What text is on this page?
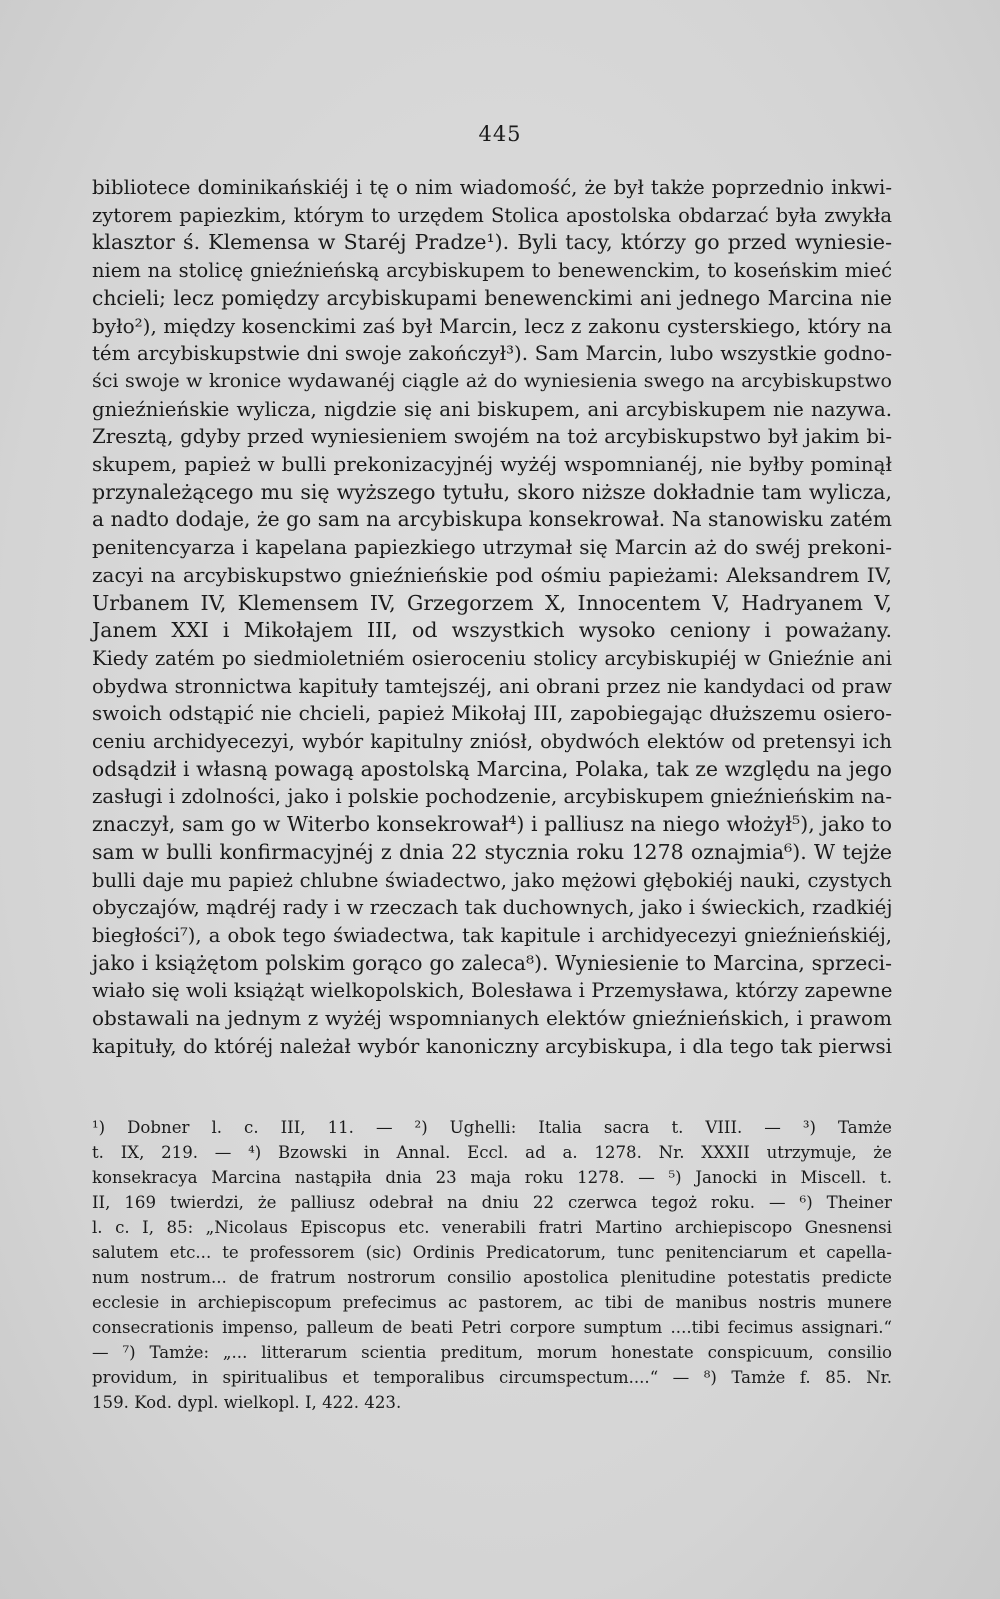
445
bibliotece dominikańskiéj i tę o nim wiadomość, że był także poprzednio inkwi-
zytorem papiezkim, którym to urzędem Stolica apostolska obdarzać była zwykła
klasztor ś. Klemensa w Staréj Pradze¹). Byli tacy, którzy go przed wyniesie-
niem na stolicę gnieźnieńską arcybiskupem to benewenckim, to koseńskim mieć
chcieli; lecz pomiędzy arcybiskupami benewenckimi ani jednego Marcina nie
było²), między kosenckimi zaś był Marcin, lecz z zakonu cysterskiego, który na
tém arcybiskupstwie dni swoje zakończył³). Sam Marcin, lubo wszystkie godno-
ści swoje w kronice wydawanéj ciągle aż do wyniesienia swego na arcybiskupstwo
gnieźnieńskie wylicza, nigdzie się ani biskupem, ani arcybiskupem nie nazywa.
Zresztą, gdyby przed wyniesieniem swojém na toż arcybiskupstwo był jakim bi-
skupem, papież w bulli prekonizacyjnéj wyżéj wspomnianéj, nie byłby pominął
przynależącego mu się wyższego tytułu, skoro niższe dokładnie tam wylicza,
a nadto dodaje, że go sam na arcybiskupa konsekrował. Na stanowisku zatém
penitencyarza i kapelana papiezkiego utrzymał się Marcin aż do swéj prekoni-
zacyi na arcybiskupstwo gnieźnieńskie pod ośmiu papieżami: Aleksandrem IV,
Urbanem IV, Klemensem IV, Grzegorzem X, Innocentem V, Hadryanem V,
Janem XXI i Mikołajem III, od wszystkich wysoko ceniony i poważany.
Kiedy zatém po siedmioletniém osieroceniu stolicy arcybiskupiéj w Gnieźnie ani
obydwa stronnictwa kapituły tamtejszéj, ani obrani przez nie kandydaci od praw
swoich odstąpić nie chcieli, papież Mikołaj III, zapobiegając dłuższemu osiero-
ceniu archidyecezyi, wybór kapitulny zniósł, obydwóch elektów od pretensyi ich
odsądził i własną powagą apostolską Marcina, Polaka, tak ze względu na jego
zasługi i zdolności, jako i polskie pochodzenie, arcybiskupem gnieźnieńskim na-
znaczył, sam go w Witerbo konsekrował⁴) i palliusz na niego włożył⁵), jako to
sam w bulli konfirmacyjnéj z dnia 22 stycznia roku 1278 oznajmia⁶). W tejże
bulli daje mu papież chlubne świadectwo, jako mężowi głębokiéj nauki, czystych
obyczajów, mądréj rady i w rzeczach tak duchownych, jako i świeckich, rzadkiéj
biegłości⁷), a obok tego świadectwa, tak kapitule i archidyecezyi gnieźnieńskiéj,
jako i książętom polskim gorąco go zaleca⁸). Wyniesienie to Marcina, sprzeci-
wiało się woli książąt wielkopolskich, Bolesława i Przemysława, którzy zapewne
obstawali na jednym z wyżéj wspomnianych elektów gnieźnieńskich, i prawom
kapituły, do któréj należał wybór kanoniczny arcybiskupa, i dla tego tak pierwsi
¹) Dobner l. c. III, 11. — ²) Ughelli: Italia sacra t. VIII. — ³) Tamże
t. IX, 219. — ⁴) Bzowski in Annal. Eccl. ad a. 1278. Nr. XXXII utrzymuje, że
konsekracya Marcina nastąpiła dnia 23 maja roku 1278. — ⁵) Janocki in Miscell. t.
II, 169 twierdzi, że palliusz odebrał na dniu 22 czerwca tegoż roku. — ⁶) Theiner
l. c. I, 85: „Nicolaus Episcopus etc. venerabili fratri Martino archiepiscopo Gnesnensi
salutem etc... te professorem (sic) Ordinis Predicatorum, tunc penitenciarum et capella-
num nostrum... de fratrum nostrorum consilio apostolica plenitudine potestatis predicte
ecclesie in archiepiscopum prefecimus ac pastorem, ac tibi de manibus nostris munere
consecrationis impenso, palleum de beati Petri corpore sumptum ....tibi fecimus assignari.“
— ⁷) Tamże: „... litterarum scientia preditum, morum honestate conspicuum, consilio
providum, in spiritualibus et temporalibus circumspectum....“ — ⁸) Tamże f. 85. Nr.
159. Kod. dypl. wielkopl. I, 422. 423.
